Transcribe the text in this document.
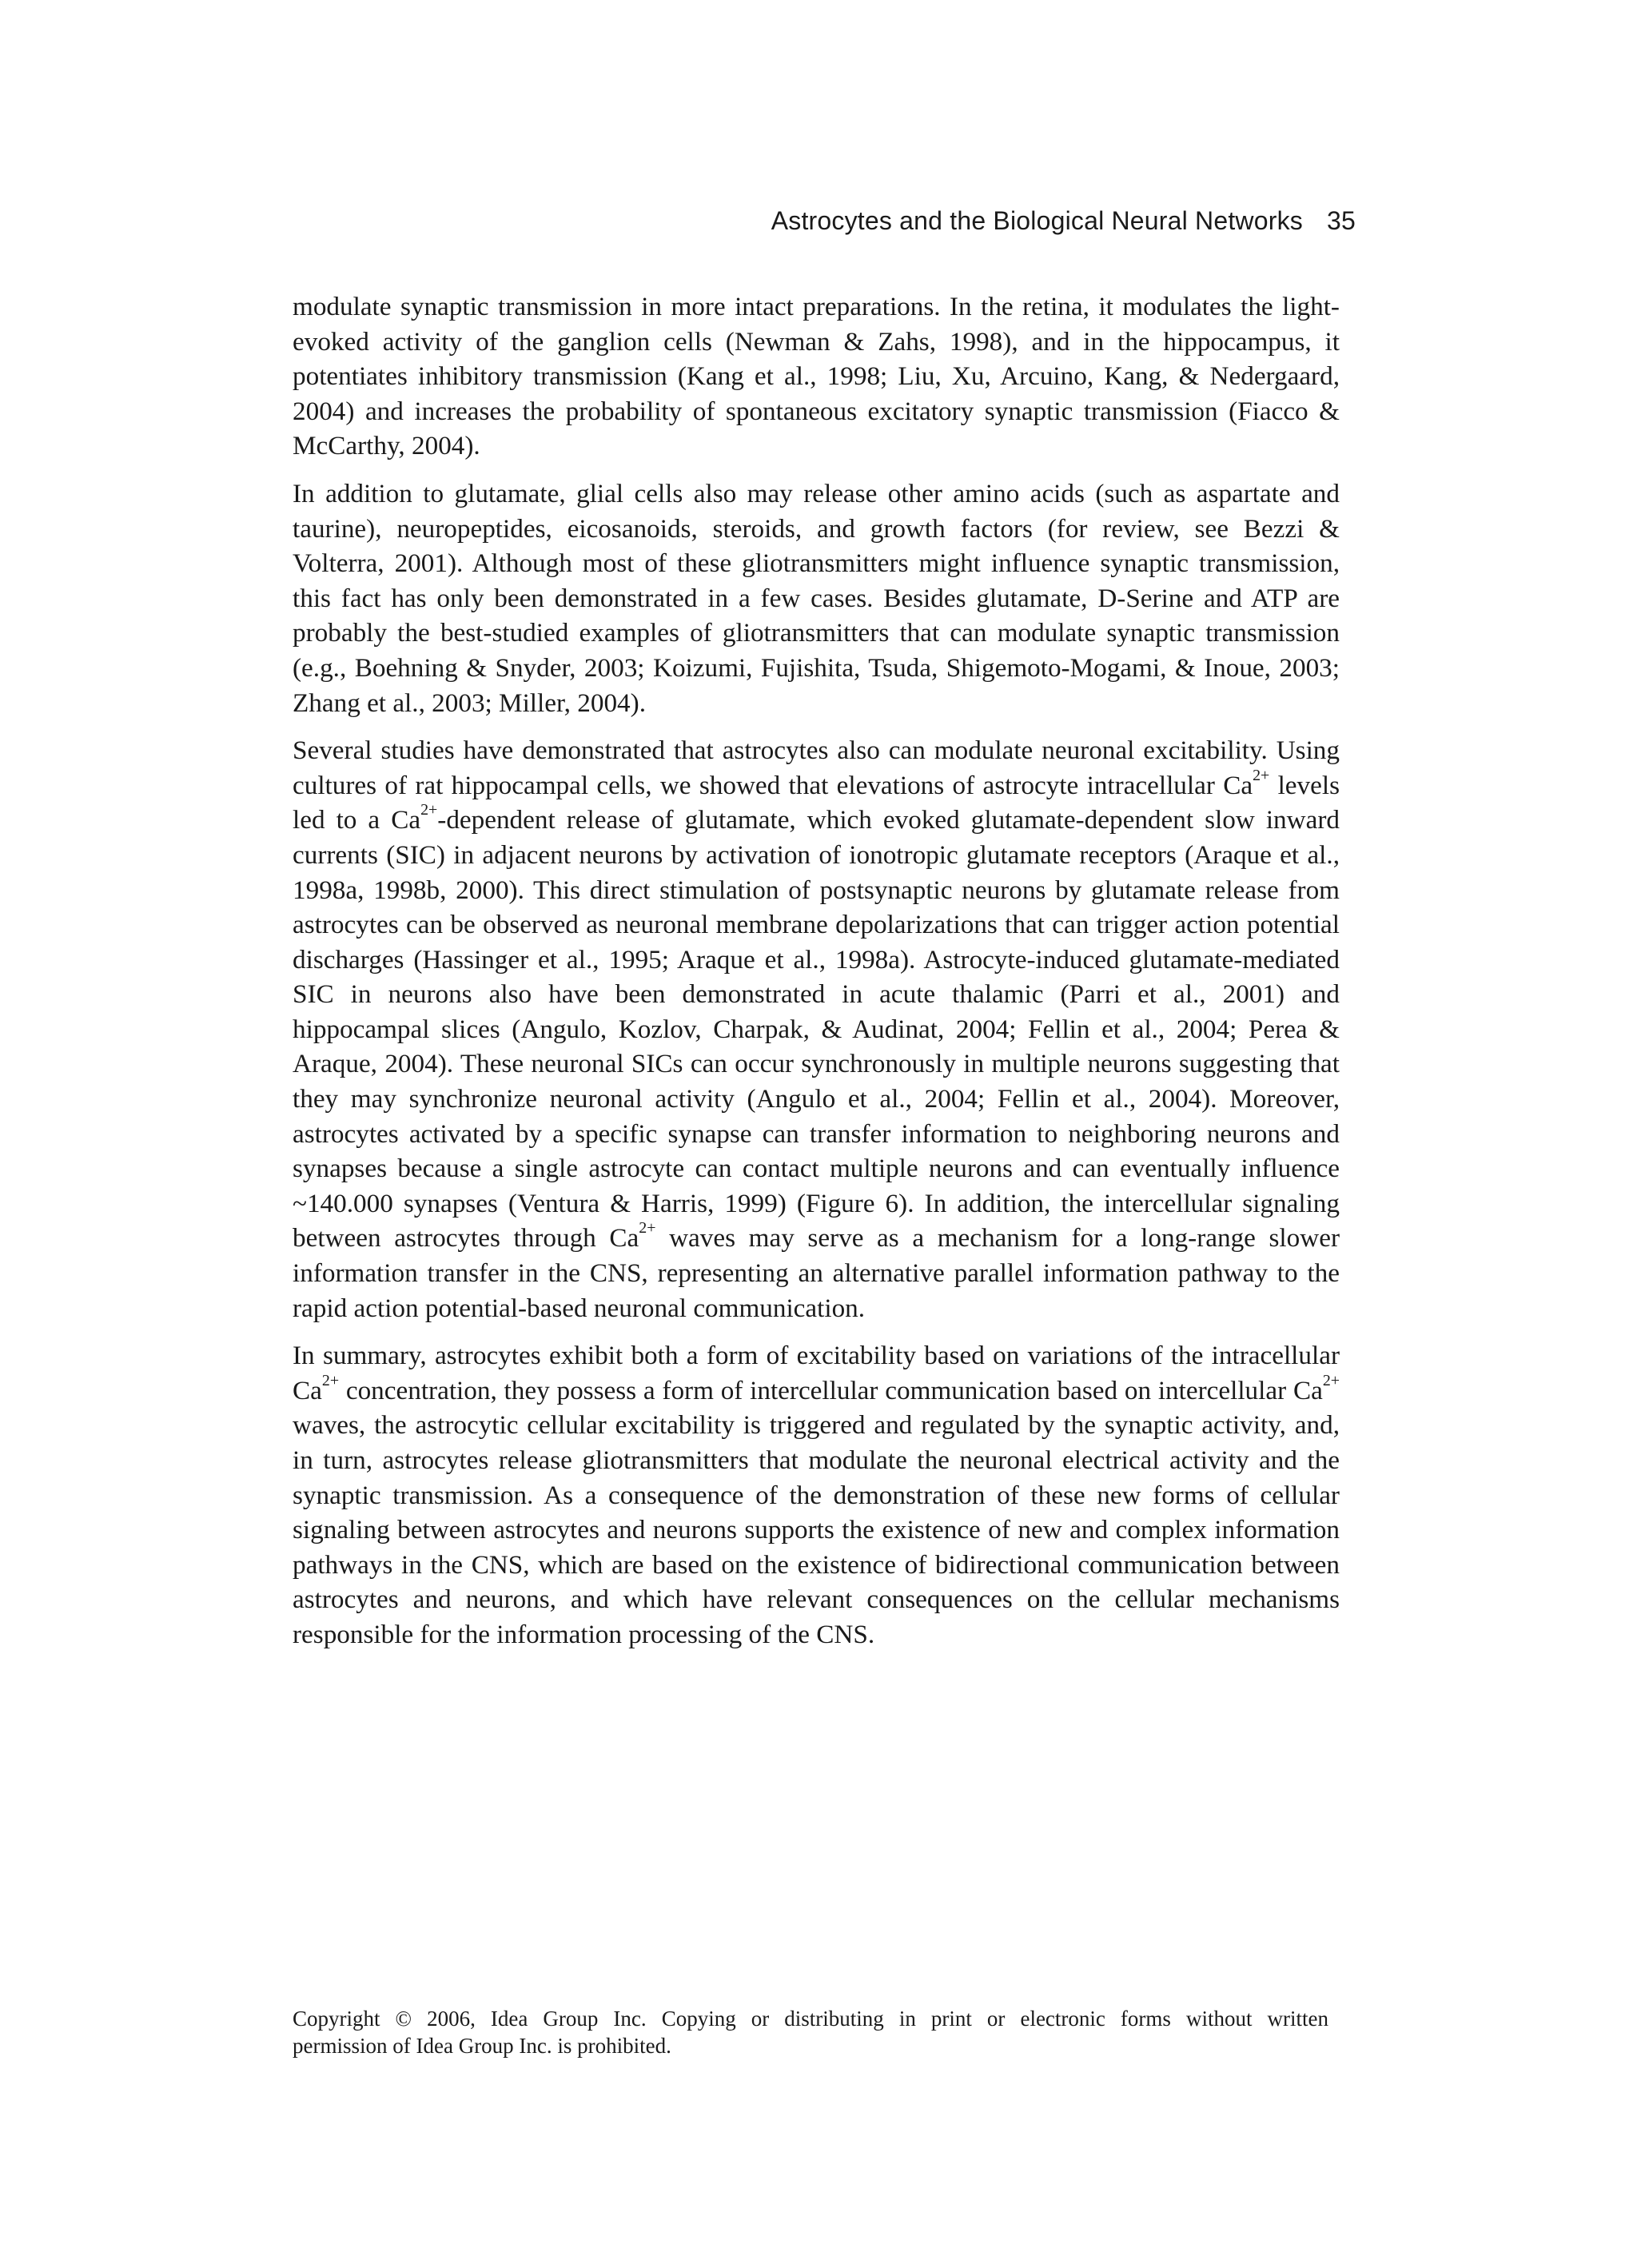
Astrocytes and the Biological Neural Networks 35

modulate synaptic transmission in more intact preparations. In the retina, it modulates the light-evoked activity of the ganglion cells (Newman & Zahs, 1998), and in the hippocampus, it potentiates inhibitory transmission (Kang et al., 1998; Liu, Xu, Arcuino, Kang, & Nedergaard, 2004) and increases the probability of spontaneous excitatory synaptic transmission (Fiacco & McCarthy, 2004).

In addition to glutamate, glial cells also may release other amino acids (such as aspartate and taurine), neuropeptides, eicosanoids, steroids, and growth factors (for review, see Bezzi & Volterra, 2001). Although most of these gliotransmitters might influence synaptic transmission, this fact has only been demonstrated in a few cases. Besides glutamate, D-Serine and ATP are probably the best-studied examples of gliotransmitters that can modulate synaptic transmission (e.g., Boehning & Snyder, 2003; Koizumi, Fujishita, Tsuda, Shigemoto-Mogami, & Inoue, 2003; Zhang et al., 2003; Miller, 2004).

Several studies have demonstrated that astrocytes also can modulate neuronal excitability. Using cultures of rat hippocampal cells, we showed that elevations of astrocyte intracellular $Ca^{2+}$ levels led to a $Ca^{2+}$-dependent release of glutamate, which evoked glutamate-dependent slow inward currents (SIC) in adjacent neurons by activation of ionotropic glutamate receptors (Araque et al., 1998a, 1998b, 2000). This direct stimulation of postsynaptic neurons by glutamate release from astrocytes can be observed as neuronal membrane depolarizations that can trigger action potential discharges (Hassinger et al., 1995; Araque et al., 1998a). Astrocyte-induced glutamate-mediated SIC in neurons also have been demonstrated in acute thalamic (Parri et al., 2001) and hippocampal slices (Angulo, Kozlov, Charpak, & Audinat, 2004; Fellin et al., 2004; Perea & Araque, 2004). These neuronal SICs can occur synchronously in multiple neurons suggesting that they may synchronize neuronal activity (Angulo et al., 2004; Fellin et al., 2004). Moreover, astrocytes activated by a specific synapse can transfer information to neighboring neurons and synapses because a single astrocyte can contact multiple neurons and can eventually influence ~140.000 synapses (Ventura & Harris, 1999) (Figure 6). In addition, the intercellular signaling between astrocytes through $Ca^{2+}$ waves may serve as a mechanism for a long-range slower information transfer in the CNS, representing an alternative parallel information pathway to the rapid action potential-based neuronal communication.

In summary, astrocytes exhibit both a form of excitability based on variations of the intracellular $Ca^{2+}$ concentration, they possess a form of intercellular communication based on intercellular $Ca^{2+}$ waves, the astrocytic cellular excitability is triggered and regulated by the synaptic activity, and, in turn, astrocytes release gliotransmitters that modulate the neuronal electrical activity and the synaptic transmission. As a consequence of the demonstration of these new forms of cellular signaling between astrocytes and neurons supports the existence of new and complex information pathways in the CNS, which are based on the existence of bidirectional communication between astrocytes and neurons, and which have relevant consequences on the cellular mechanisms responsible for the information processing of the CNS.

Copyright © 2006, Idea Group Inc. Copying or distributing in print or electronic forms without written
permission of Idea Group Inc. is prohibited.
